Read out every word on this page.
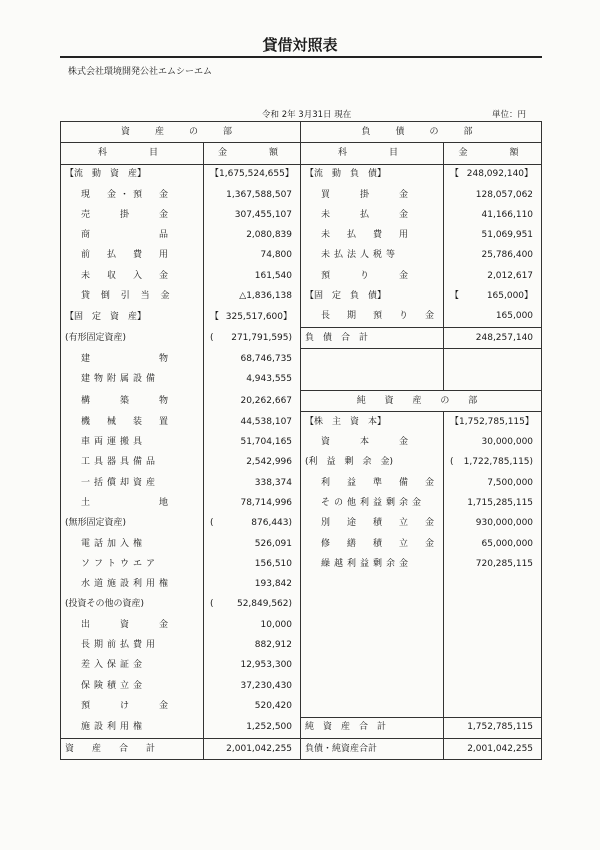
貸借対照表
株式会社環境開発公社エムシーエム
令和 2年 3月31日 現在	単位：円
資　産　の　部		負　債　の　部	
科　　目	金　　額	科　　目	金　　額
【流　動　資　産】	【 1,675,524,655】	【流　動　負　債】	【 248,092,140】

現　金・預　金	1,367,588,507	買　　掛　　金	128,057,062
売　　掛　　金	307,455,107	未　　払　　金	41,166,110
商　　　　　品	2,080,839	未　払　費　用	51,069,951
前　払　費　用	74,800	未払法人税等	25,786,400
未　収　入　金	161,540	預　　り　　金	2,012,617
貸 倒 引 当 金	△1,836,138	【固　定　負　債】	【 165,000】

【固　定　資　産】	【 325,517,600】	長　期　預　り　金	165,000
(有形固定資産)	( 271,791,595)	負　債　合　計	248,257,140
建　　　　　物	68,746,735		
建物附属設備	4,943,555		
構　　築　　物	20,262,667	純 資 産 の 部	
機　械　装　置	44,538,107	【株　主　資　本】	【 1,752,785,115】

車両運搬具	51,704,165	資　　本　　金	30,000,000
工具器具備品	2,542,996	(利　益　剰　余　金)	( 1,722,785,115)

一括償却資産	338,374	利　益　準　備　金	7,500,000
土　　　　　地	78,714,996	その他利益剰余金	1,715,285,115
(無形固定資産)	( 876,443)	別　途　積　立　金	930,000,000
電話加入権	526,091	修　繕　積　立　金	65,000,000
ソフトウエア	156,510	繰越利益剰余金	720,285,115
水道施設利用権	193,842		
(投資その他の資産)	( 52,849,562)		

出　　資　　金	10,000		
長期前払費用	882,912		
差入保証金	12,953,300		
保険積立金	37,230,430		
預　　け　　金	520,420		
施設利用権	1,252,500	純　資　産　合　計	1,752,785,115
資　　産　　合　　計	2,001,042,255	負債・純資産合計	2,001,042,255
